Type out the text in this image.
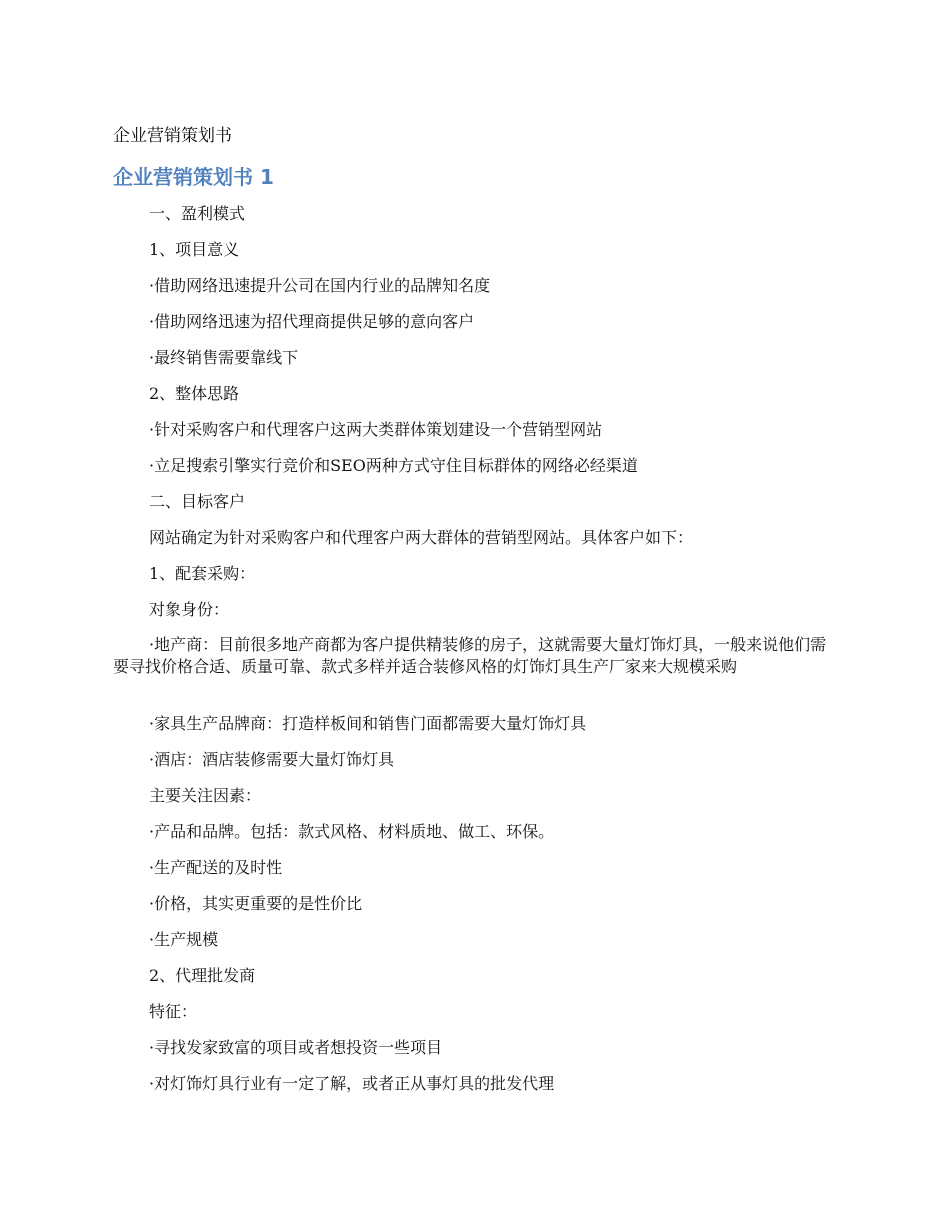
企业营销策划书

企业营销策划书 1

一、盈利模式

1、项目意义

·借助网络迅速提升公司在国内行业的品牌知名度

·借助网络迅速为招代理商提供足够的意向客户

·最终销售需要靠线下

2、整体思路

·针对采购客户和代理客户这两大类群体策划建设一个营销型网站

·立足搜索引擎实行竞价和SEO两种方式守住目标群体的网络必经渠道

二、目标客户

网站确定为针对采购客户和代理客户两大群体的营销型网站。具体客户如下：

1、配套采购：

对象身份：

·地产商：目前很多地产商都为客户提供精装修的房子，这就需要大量灯饰灯具，一般来说他们需要寻找价格合适、质量可靠、款式多样并适合装修风格的灯饰灯具生产厂家来大规模采购

·家具生产品牌商：打造样板间和销售门面都需要大量灯饰灯具

·酒店：酒店装修需要大量灯饰灯具

主要关注因素：

·产品和品牌。包括：款式风格、材料质地、做工、环保。

·生产配送的及时性

·价格，其实更重要的是性价比

·生产规模

2、代理批发商

特征：

·寻找发家致富的项目或者想投资一些项目

·对灯饰灯具行业有一定了解，或者正从事灯具的批发代理
